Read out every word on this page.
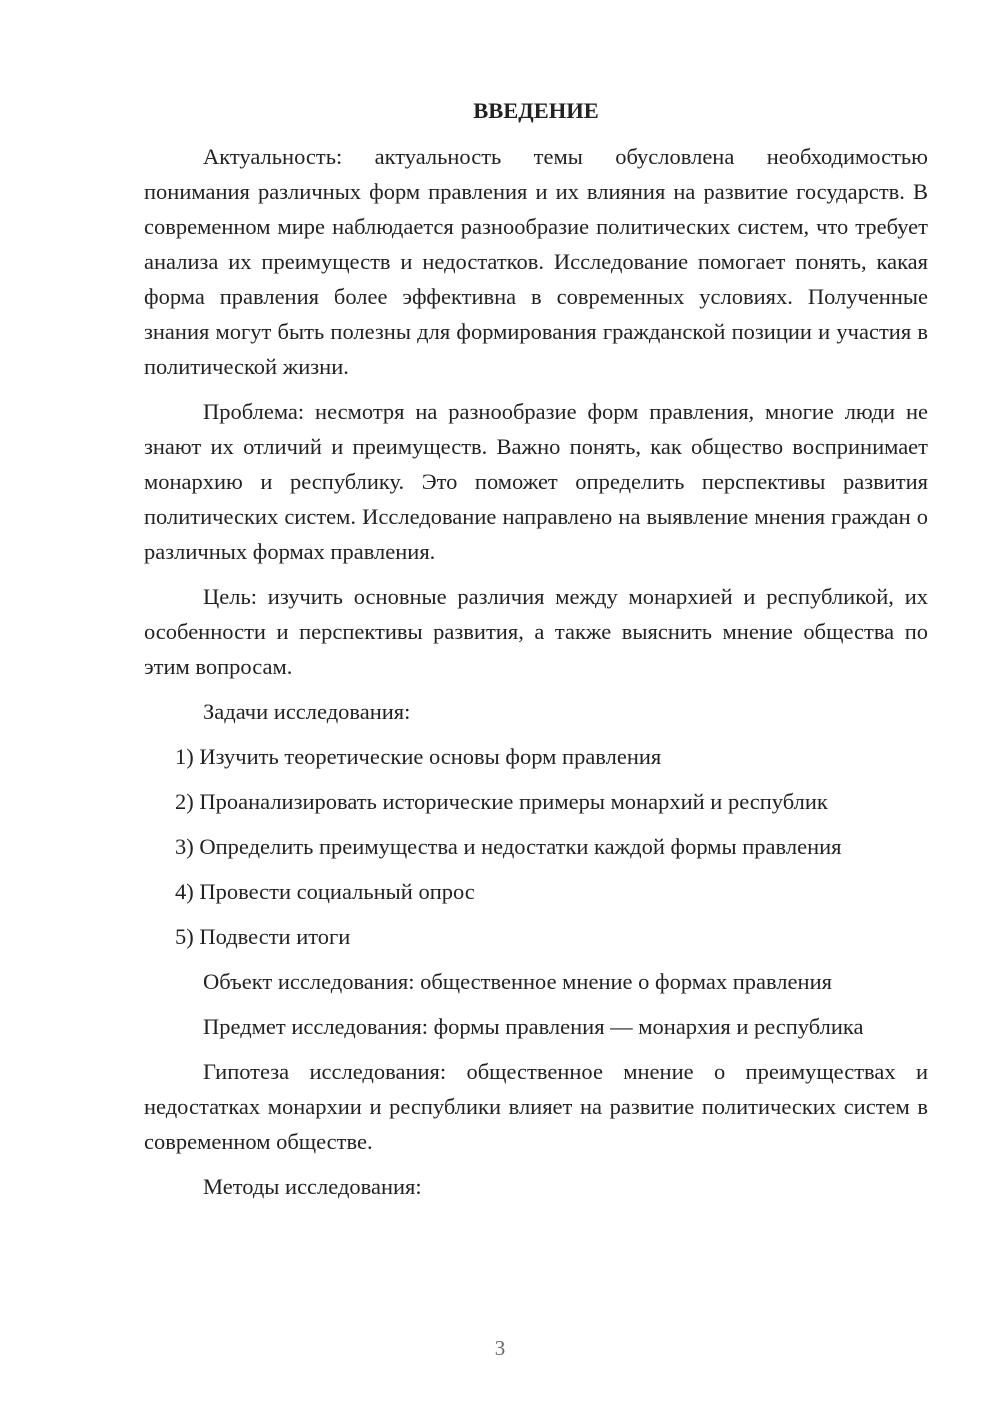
ВВЕДЕНИЕ

Актуальность: актуальность темы обусловлена необходимостью понимания различных форм правления и их влияния на развитие государств. В современном мире наблюдается разнообразие политических систем, что требует анализа их преимуществ и недостатков. Исследование помогает понять, какая форма правления более эффективна в современных условиях. Полученные знания могут быть полезны для формирования гражданской позиции и участия в политической жизни.

Проблема: несмотря на разнообразие форм правления, многие люди не знают их отличий и преимуществ. Важно понять, как общество воспринимает монархию и республику. Это поможет определить перспективы развития политических систем. Исследование направлено на выявление мнения граждан о различных формах правления.

Цель: изучить основные различия между монархией и республикой, их особенности и перспективы развития, а также выяснить мнение общества по этим вопросам.

Задачи исследования:

1) Изучить теоретические основы форм правления

2) Проанализировать исторические примеры монархий и республик

3) Определить преимущества и недостатки каждой формы правления

4) Провести социальный опрос

5) Подвести итоги

Объект исследования: общественное мнение о формах правления

Предмет исследования: формы правления — монархия и республика

Гипотеза исследования: общественное мнение о преимуществах и недостатках монархии и республики влияет на развитие политических систем в современном обществе.

Методы исследования:

3
